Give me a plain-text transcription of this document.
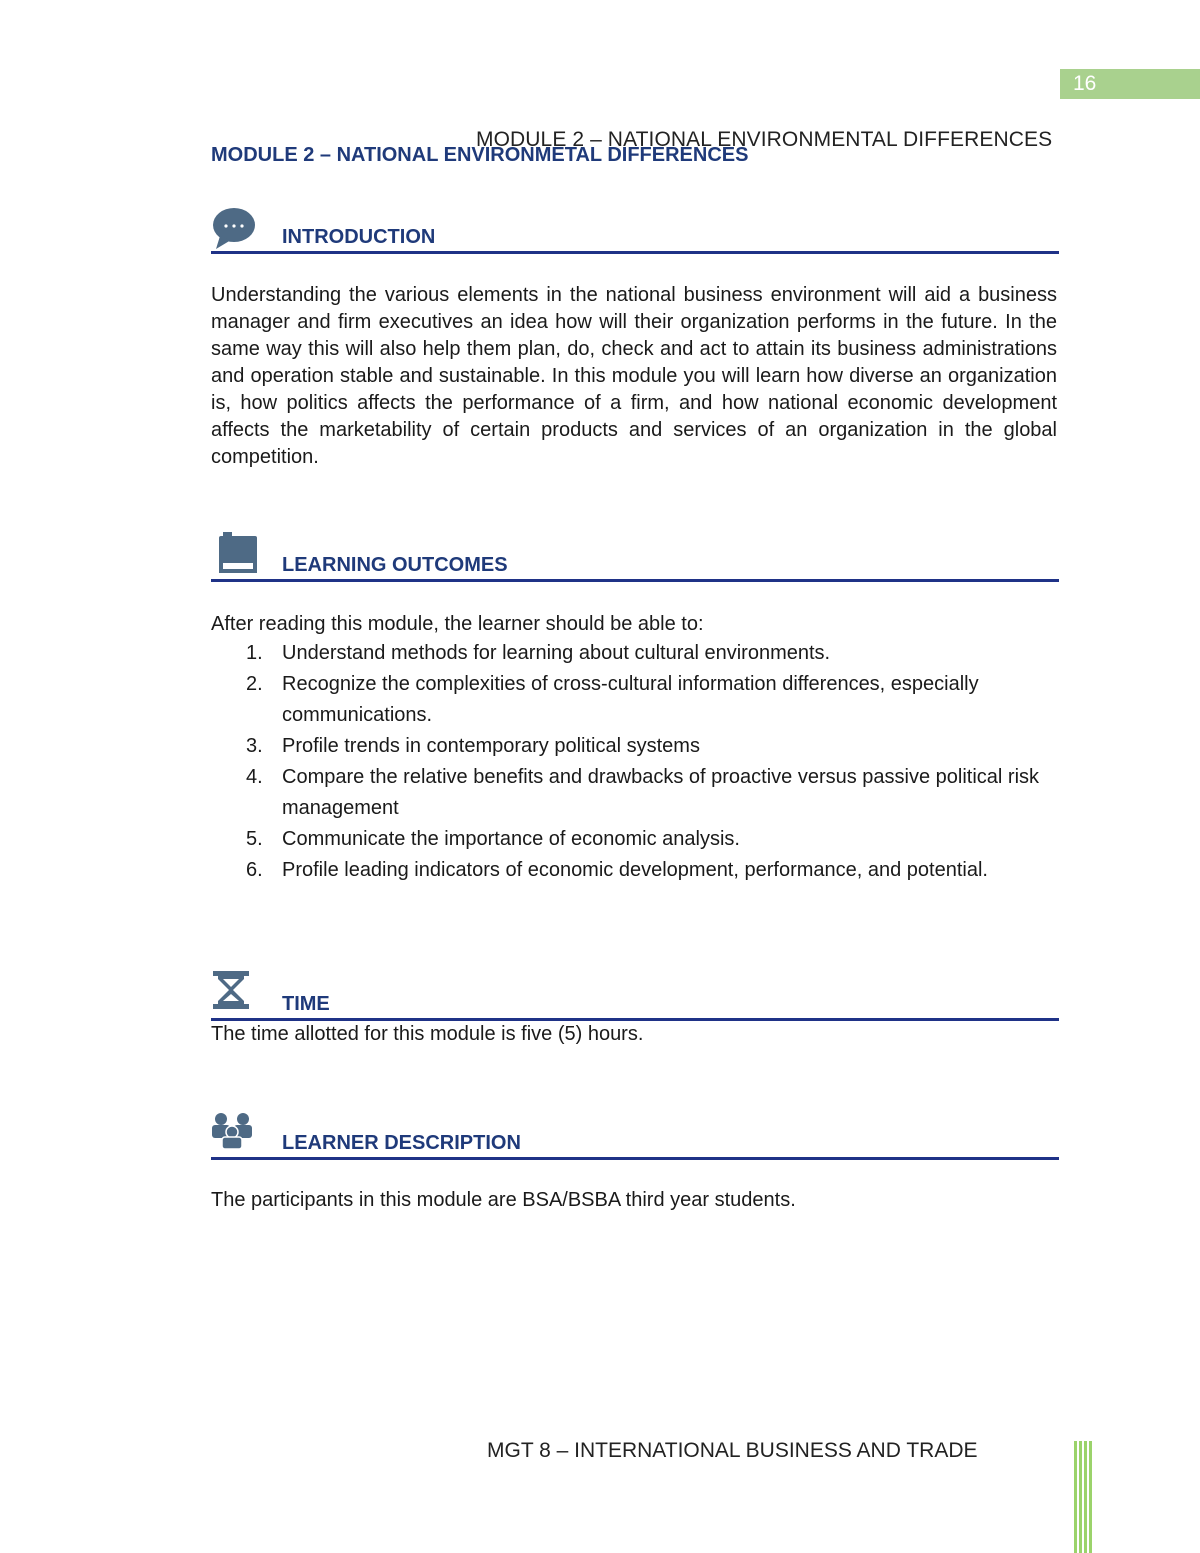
16
MODULE 2 – NATIONAL ENVIRONMENTAL DIFFERENCES
MODULE 2 – NATIONAL ENVIRONMETAL DIFFERENCES
INTRODUCTION
Understanding the various elements in the national business environment will aid a business manager and firm executives an idea how will their organization performs in the future. In the same way this will also help them plan, do, check and act to attain its business administrations and operation stable and sustainable. In this module you will learn how diverse an organization is, how politics affects the performance of a firm, and how national economic development affects the marketability of certain products and services of an organization in the global competition.
LEARNING OUTCOMES
After reading this module, the learner should be able to:
1. Understand methods for learning about cultural environments.
2. Recognize the complexities of cross-cultural information differences, especially communications.
3. Profile trends in contemporary political systems
4. Compare the relative benefits and drawbacks of proactive versus passive political risk management
5. Communicate the importance of economic analysis.
6. Profile leading indicators of economic development, performance, and potential.
TIME
The time allotted for this module is five (5) hours.
LEARNER DESCRIPTION
The participants in this module are BSA/BSBA third year students.
MGT 8 – INTERNATIONAL BUSINESS AND TRADE
